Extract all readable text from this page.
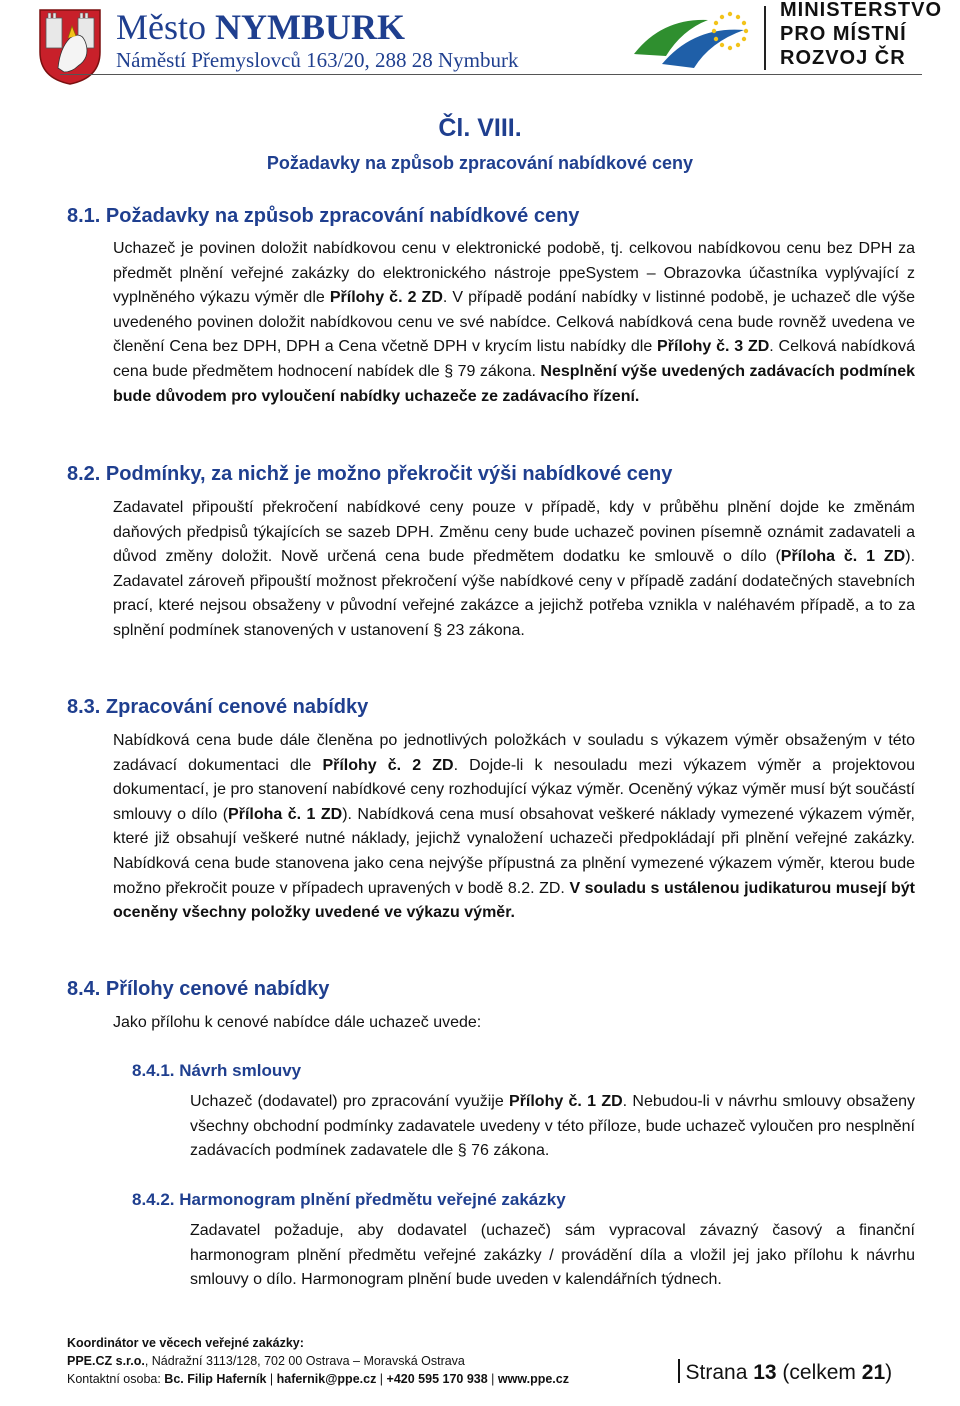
Město NYMBURK
Náměstí Přemyslovců 163/20, 288 28 Nymburk
MINISTERSTVO
PRO MÍSTNÍ
ROZVOJ ČR
Čl. VIII.
Požadavky na způsob zpracování nabídkové ceny
8.1. Požadavky na způsob zpracování nabídkové ceny
Uchazeč je povinen doložit nabídkovou cenu v elektronické podobě, tj. celkovou nabídkovou cenu bez DPH za předmět plnění veřejné zakázky do elektronického nástroje ppeSystem – Obrazovka účastníka vyplývající z vyplněného výkazu výměr dle Přílohy č. 2 ZD. V případě podání nabídky v listinné podobě, je uchazeč dle výše uvedeného povinen doložit nabídkovou cenu ve své nabídce. Celková nabídková cena bude rovněž uvedena ve členění Cena bez DPH, DPH a Cena včetně DPH v krycím listu nabídky dle Přílohy č. 3 ZD. Celková nabídková cena bude předmětem hodnocení nabídek dle § 79 zákona. Nesplnění výše uvedených zadávacích podmínek bude důvodem pro vyloučení nabídky uchazeče ze zadávacího řízení.
8.2. Podmínky, za nichž je možno překročit výši nabídkové ceny
Zadavatel připouští překročení nabídkové ceny pouze v případě, kdy v průběhu plnění dojde ke změnám daňových předpisů týkajících se sazeb DPH. Změnu ceny bude uchazeč povinen písemně oznámit zadavateli a důvod změny doložit. Nově určená cena bude předmětem dodatku ke smlouvě o dílo (Příloha č. 1 ZD). Zadavatel zároveň připouští možnost překročení výše nabídkové ceny v případě zadání dodatečných stavebních prací, které nejsou obsaženy v původní veřejné zakázce a jejichž potřeba vznikla v naléhavém případě, a to za splnění podmínek stanovených v ustanovení § 23 zákona.
8.3. Zpracování cenové nabídky
Nabídková cena bude dále členěna po jednotlivých položkách v souladu s výkazem výměr obsaženým v této zadávací dokumentaci dle Přílohy č. 2 ZD. Dojde-li k nesouladu mezi výkazem výměr a projektovou dokumentací, je pro stanovení nabídkové ceny rozhodující výkaz výměr. Oceněný výkaz výměr musí být součástí smlouvy o dílo (Příloha č. 1 ZD). Nabídková cena musí obsahovat veškeré náklady vymezené výkazem výměr, které již obsahují veškeré nutné náklady, jejichž vynaložení uchazeči předpokládají při plnění veřejné zakázky. Nabídková cena bude stanovena jako cena nejvýše přípustná za plnění vymezené výkazem výměr, kterou bude možno překročit pouze v případech upravených v bodě 8.2. ZD. V souladu s ustálenou judikaturou musejí být oceněny všechny položky uvedené ve výkazu výměr.
8.4. Přílohy cenové nabídky
Jako přílohu k cenové nabídce dále uchazeč uvede:
8.4.1. Návrh smlouvy
Uchazeč (dodavatel) pro zpracování využije Přílohy č. 1 ZD. Nebudou-li v návrhu smlouvy obsaženy všechny obchodní podmínky zadavatele uvedeny v této příloze, bude uchazeč vyloučen pro nesplnění zadávacích podmínek zadavatele dle § 76 zákona.
8.4.2. Harmonogram plnění předmětu veřejné zakázky
Zadavatel požaduje, aby dodavatel (uchazeč) sám vypracoval závazný časový a finanční harmonogram plnění předmětu veřejné zakázky / provádění díla a vložil jej jako přílohu k návrhu smlouvy o dílo. Harmonogram plnění bude uveden v kalendářních týdnech.
Koordinátor ve věcech veřejné zakázky:
PPE.CZ s.r.o., Nádražní 3113/128, 702 00 Ostrava – Moravská Ostrava
Kontaktní osoba: Bc. Filip Haferník | hafernik@ppe.cz | +420 595 170 938 | www.ppe.cz	Strana 13 (celkem 21)
